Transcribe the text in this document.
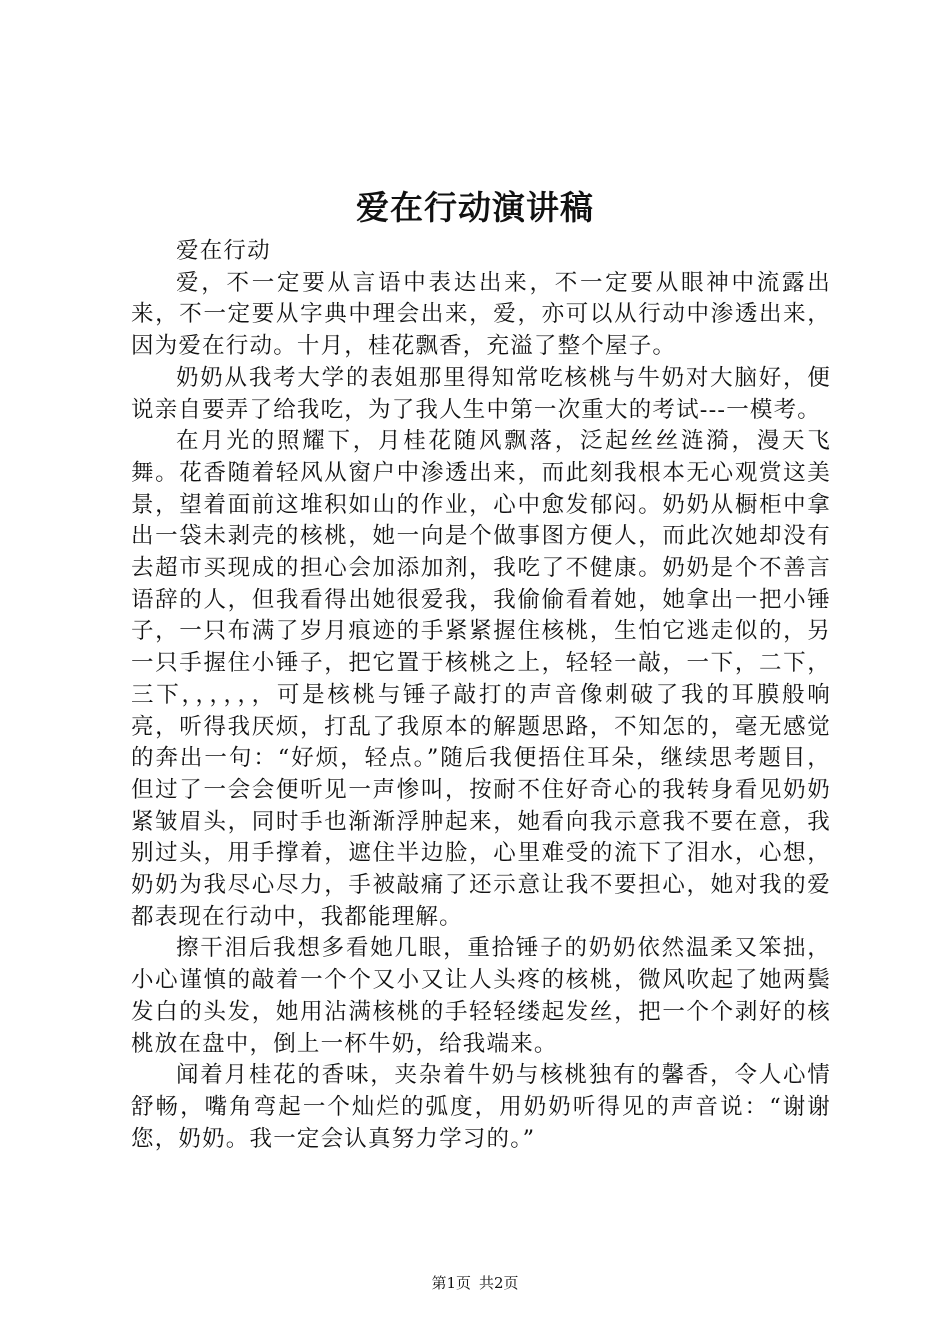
爱在行动演讲稿

爱在行动

爱，不一定要从言语中表达出来，不一定要从眼神中流露出来，不一定要从字典中理会出来，爱，亦可以从行动中渗透出来，因为爱在行动。十月，桂花飘香，充溢了整个屋子。

奶奶从我考大学的表姐那里得知常吃核桃与牛奶对大脑好，便说亲自要弄了给我吃，为了我人生中第一次重大的考试---一模考。

在月光的照耀下，月桂花随风飘落，泛起丝丝涟漪，漫天飞舞。花香随着轻风从窗户中渗透出来，而此刻我根本无心观赏这美景，望着面前这堆积如山的作业，心中愈发郁闷。奶奶从橱柜中拿出一袋未剥壳的核桃，她一向是个做事图方便人，而此次她却没有去超市买现成的担心会加添加剂，我吃了不健康。奶奶是个不善言语辞的人，但我看得出她很爱我，我偷偷看着她，她拿出一把小锤子，一只布满了岁月痕迹的手紧紧握住核桃，生怕它逃走似的，另一只手握住小锤子，把它置于核桃之上，轻轻一敲，一下，二下，三下，，，，，，可是核桃与锤子敲打的声音像刺破了我的耳膜般响亮，听得我厌烦，打乱了我原本的解题思路，不知怎的，毫无感觉的奔出一句：“好烦，轻点。”随后我便捂住耳朵，继续思考题目，但过了一会会便听见一声惨叫，按耐不住好奇心的我转身看见奶奶紧皱眉头，同时手也渐渐浮肿起来，她看向我示意我不要在意，我别过头，用手撑着，遮住半边脸，心里难受的流下了泪水，心想，奶奶为我尽心尽力，手被敲痛了还示意让我不要担心，她对我的爱都表现在行动中，我都能理解。

擦干泪后我想多看她几眼，重拾锤子的奶奶依然温柔又笨拙，小心谨慎的敲着一个个又小又让人头疼的核桃，微风吹起了她两鬓发白的头发，她用沾满核桃的手轻轻缕起发丝，把一个个剥好的核桃放在盘中，倒上一杯牛奶，给我端来。

闻着月桂花的香味，夹杂着牛奶与核桃独有的馨香，令人心情舒畅，嘴角弯起一个灿烂的弧度，用奶奶听得见的声音说：“谢谢您，奶奶。我一定会认真努力学习的。”

第1页 共2页
